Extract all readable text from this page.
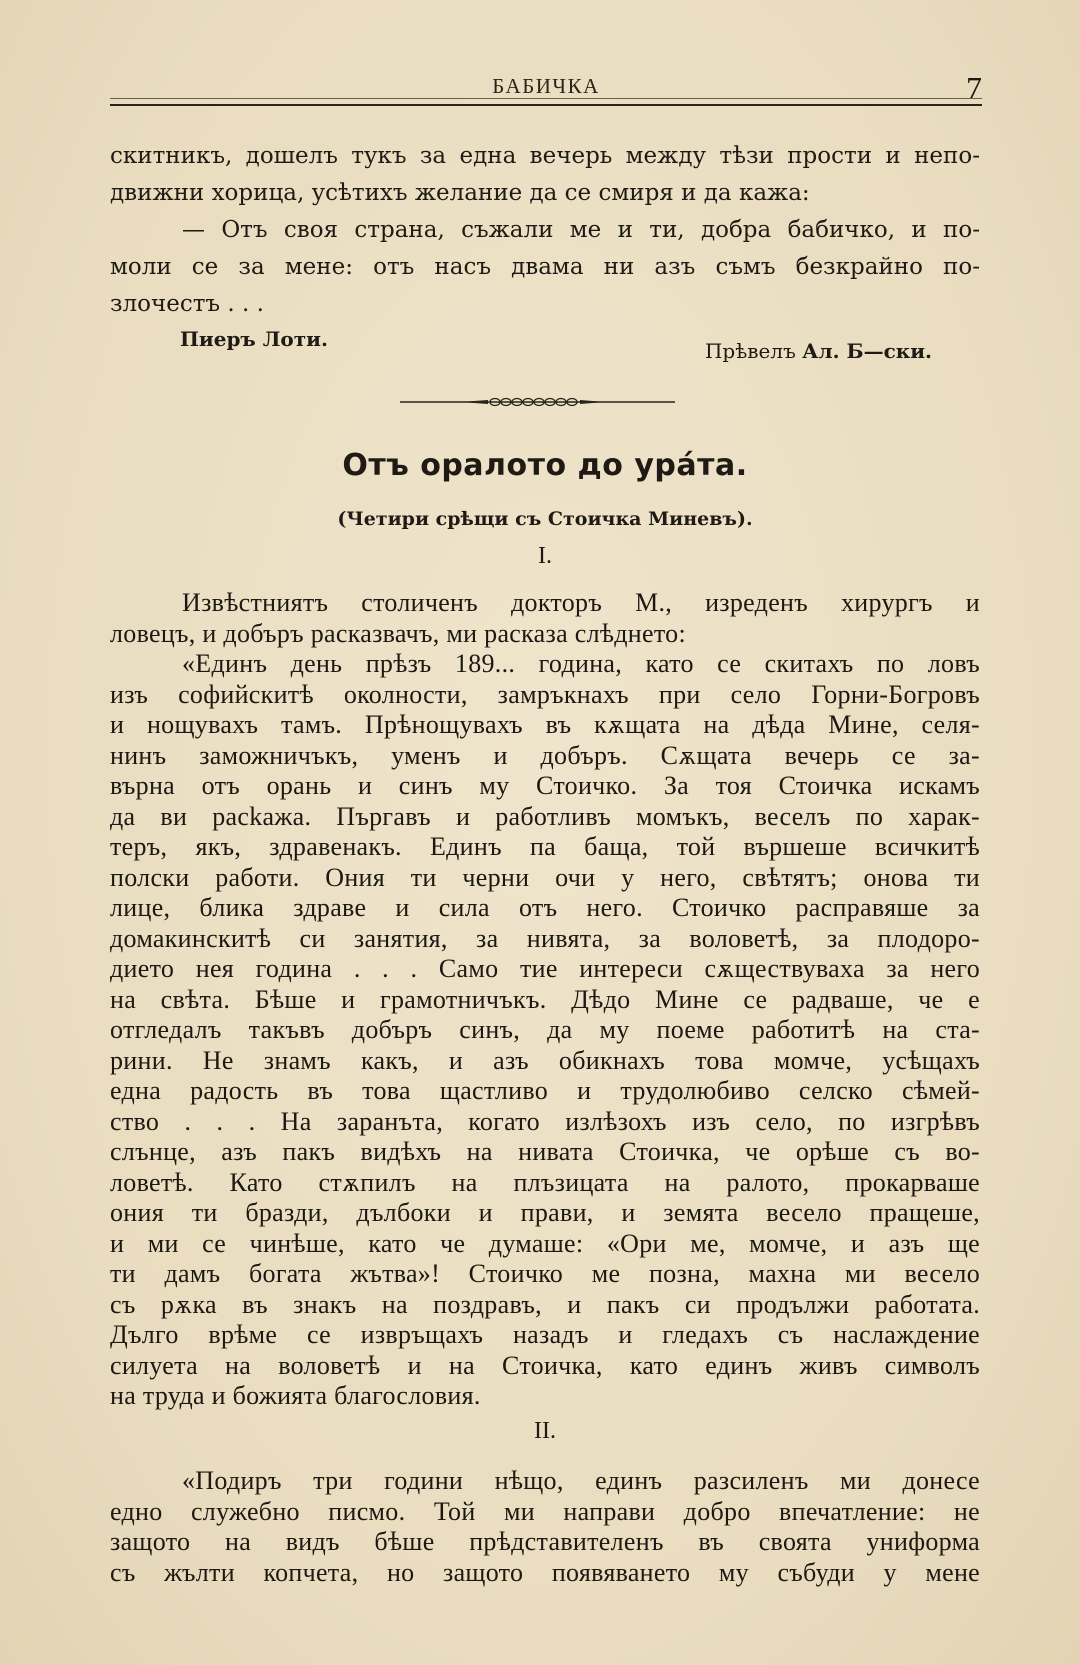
БАБИЧКА	7
скитникъ, дошелъ тукъ за една вечерь между тѣзи прости и непо-
движни хорица, усѣтихъ желание да се смиря и да кажа:
— Отъ своя страна, съжали ме и ти, добра бабичко, и по-
моли се за мене: отъ насъ двама ни азъ съмъ безкрайно по-
злочестъ . . .
Пиеръ Лоти.	Прѣвелъ Ал. Б—ски.
Отъ оралото до урáта.
(Четири срѣщи съ Стоичка Миневъ).
I.
Извѣстниятъ столиченъ докторъ М., изреденъ хирургъ и
ловецъ, и добъръ расказвачъ, ми расказа слѣднето:
«Единъ день прѣзъ 189... година, като се скитахъ по ловъ
изъ софийскитѣ околности, замръкнахъ при село Горни-Богровъ
и нощувахъ тамъ. Прѣнощувахъ въ кѫщата на дѣда Мине, селя-
нинъ заможничъкъ, уменъ и добъръ. Сѫщата вечерь се за-
върна отъ орань и синъ му Стоичко. За тоя Стоичка искамъ
да ви расkажа. Пъргавъ и работливъ момъкъ, веселъ по харак-
теръ, якъ, здравенакъ. Единъ па баща, той вършеше всичкитѣ
полски работи. Ония ти черни очи у него, свѣтятъ; онова ти
лице, блика здраве и сила отъ него. Стоичко расправяше за
домакинскитѣ си занятия, за нивята, за воловетѣ, за плодоро-
диeто нея година . . . Само тие интереси сѫществуваха за него
на свѣта. Бѣше и грамотничъкъ. Дѣдо Мине се радваше, че е
отгледалъ такъвъ добъръ синъ, да му поеме работитѣ на ста-
рини. Не знамъ какъ, и азъ обикнахъ това момче, усѣщахъ
една радость въ това щастливо и трудолюбиво селско сѣмей-
ство . . . На заранъта, когато излѣзохъ изъ село, по изгрѣвъ
слънце, азъ пакъ видѣхъ на нивата Стоичка, че орѣше съ во-
ловетѣ. Като стѫпилъ на плъзицата на ралото, прокарваше
ония ти бразди, дълбоки и прави, и земята весело пращеше,
и ми се чинѣше, като че думаше: «Ори ме, момче, и азъ ще
ти дамъ богата жътва»! Стоичко ме позна, махна ми весело
съ рѫка въ знакъ на поздравъ, и пакъ си продължи работата.
Дълго врѣме се извръщахъ назадъ и гледахъ съ наслаждение
силуета на воловетѣ и на Стоичка, като единъ живъ символъ
на труда и божията благословия.
II.
«Подиръ три години нѣщо, единъ разсиленъ ми донесе
едно служебно писмо. Той ми направи добро впечатление: не
защото на видъ бѣше прѣдставителенъ въ своята униформа
съ жълти копчета, но защото появяването му събуди у мене
